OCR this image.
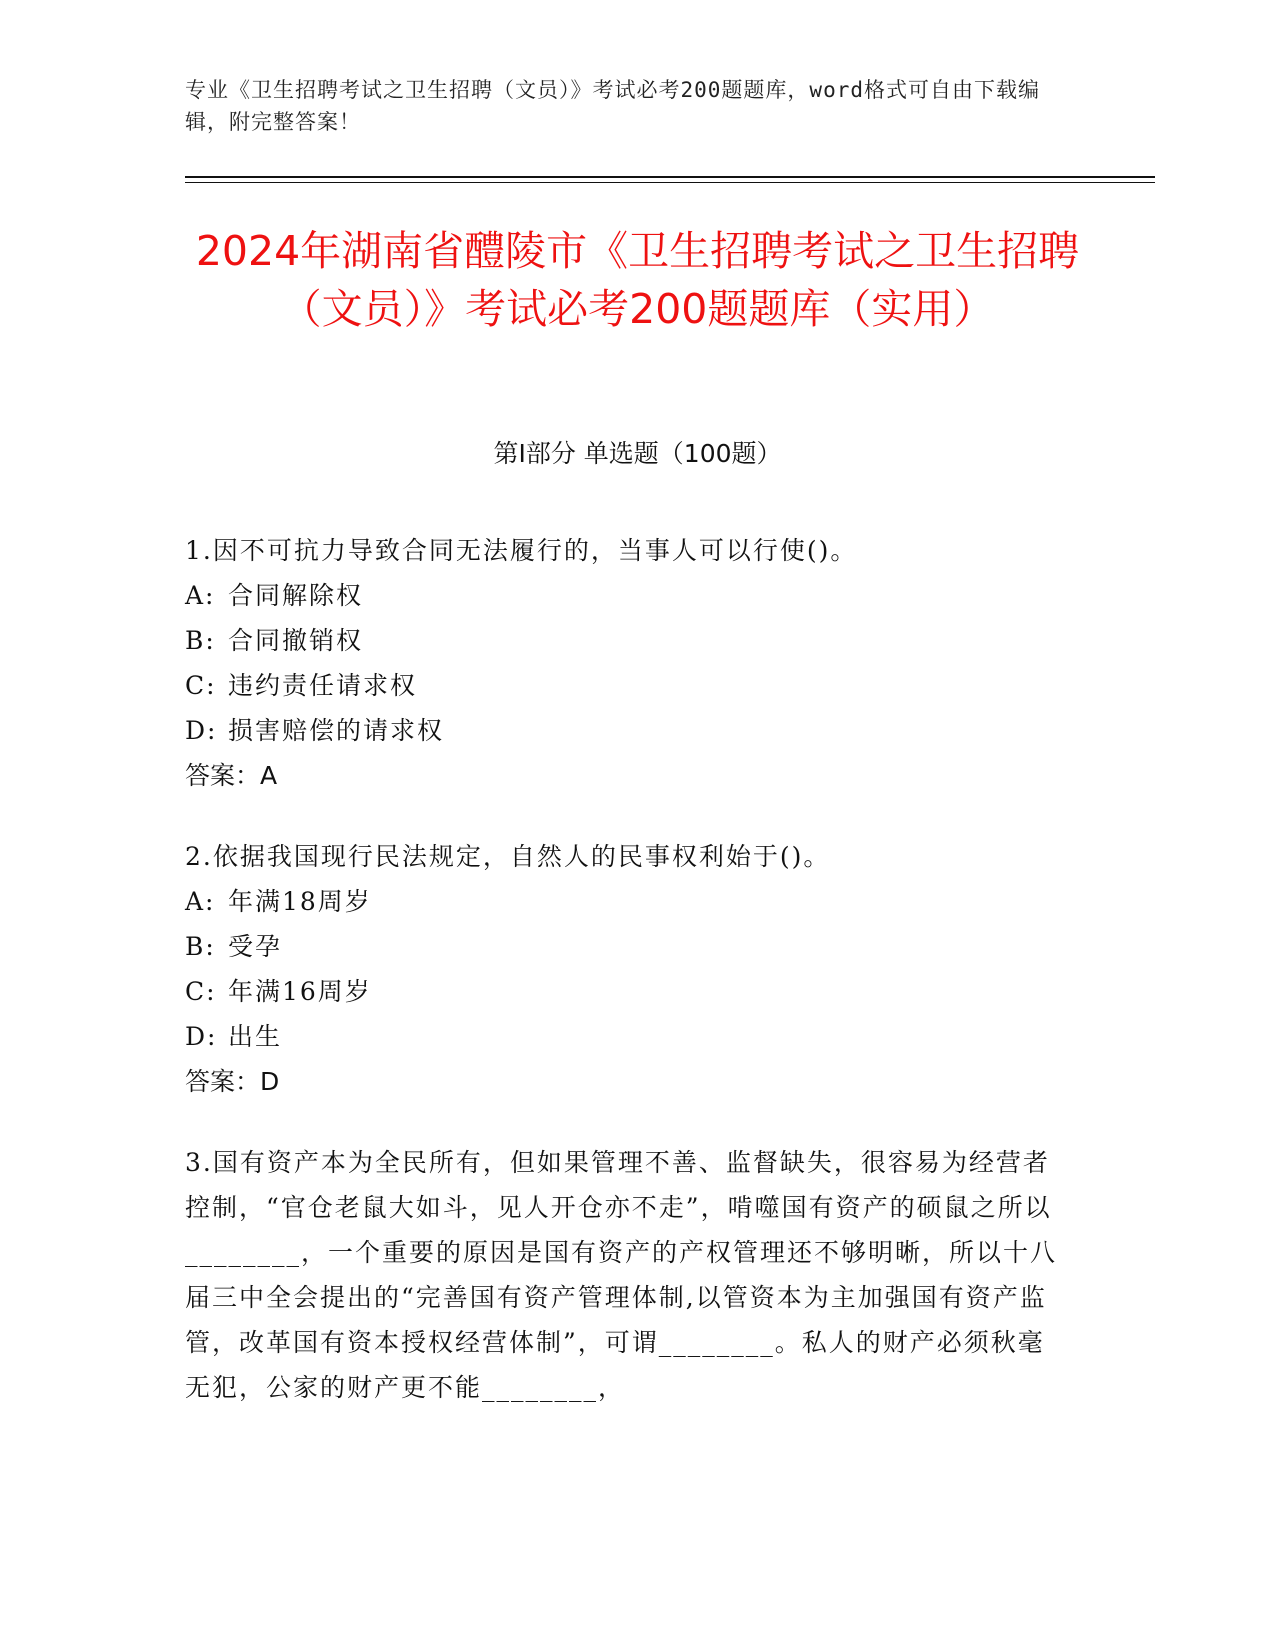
专业《卫生招聘考试之卫生招聘（文员）》考试必考200题题库，word格式可自由下载编辑，附完整答案！
2024年湖南省醴陵市《卫生招聘考试之卫生招聘（文员）》考试必考200题题库（实用）
第I部分 单选题（100题）

1.因不可抗力导致合同无法履行的，当事人可以行使()。

A: 合同解除权

B: 合同撤销权

C: 违约责任请求权

D: 损害赔偿的请求权

答案：A

2.依据我国现行民法规定，自然人的民事权利始于()。

A: 年满18周岁

B: 受孕

C: 年满16周岁

D: 出生

答案：D

3.国有资产本为全民所有，但如果管理不善、监督缺失，很容易为经营者控制，“官仓老鼠大如斗，见人开仓亦不走”，啃噬国有资产的硕鼠之所以________，一个重要的原因是国有资产的产权管理还不够明晰，所以十八届三中全会提出的“完善国有资产管理体制,以管资本为主加强国有资产监管，改革国有资本授权经营体制”，可谓________。私人的财产必须秋毫无犯，公家的财产更不能________，
